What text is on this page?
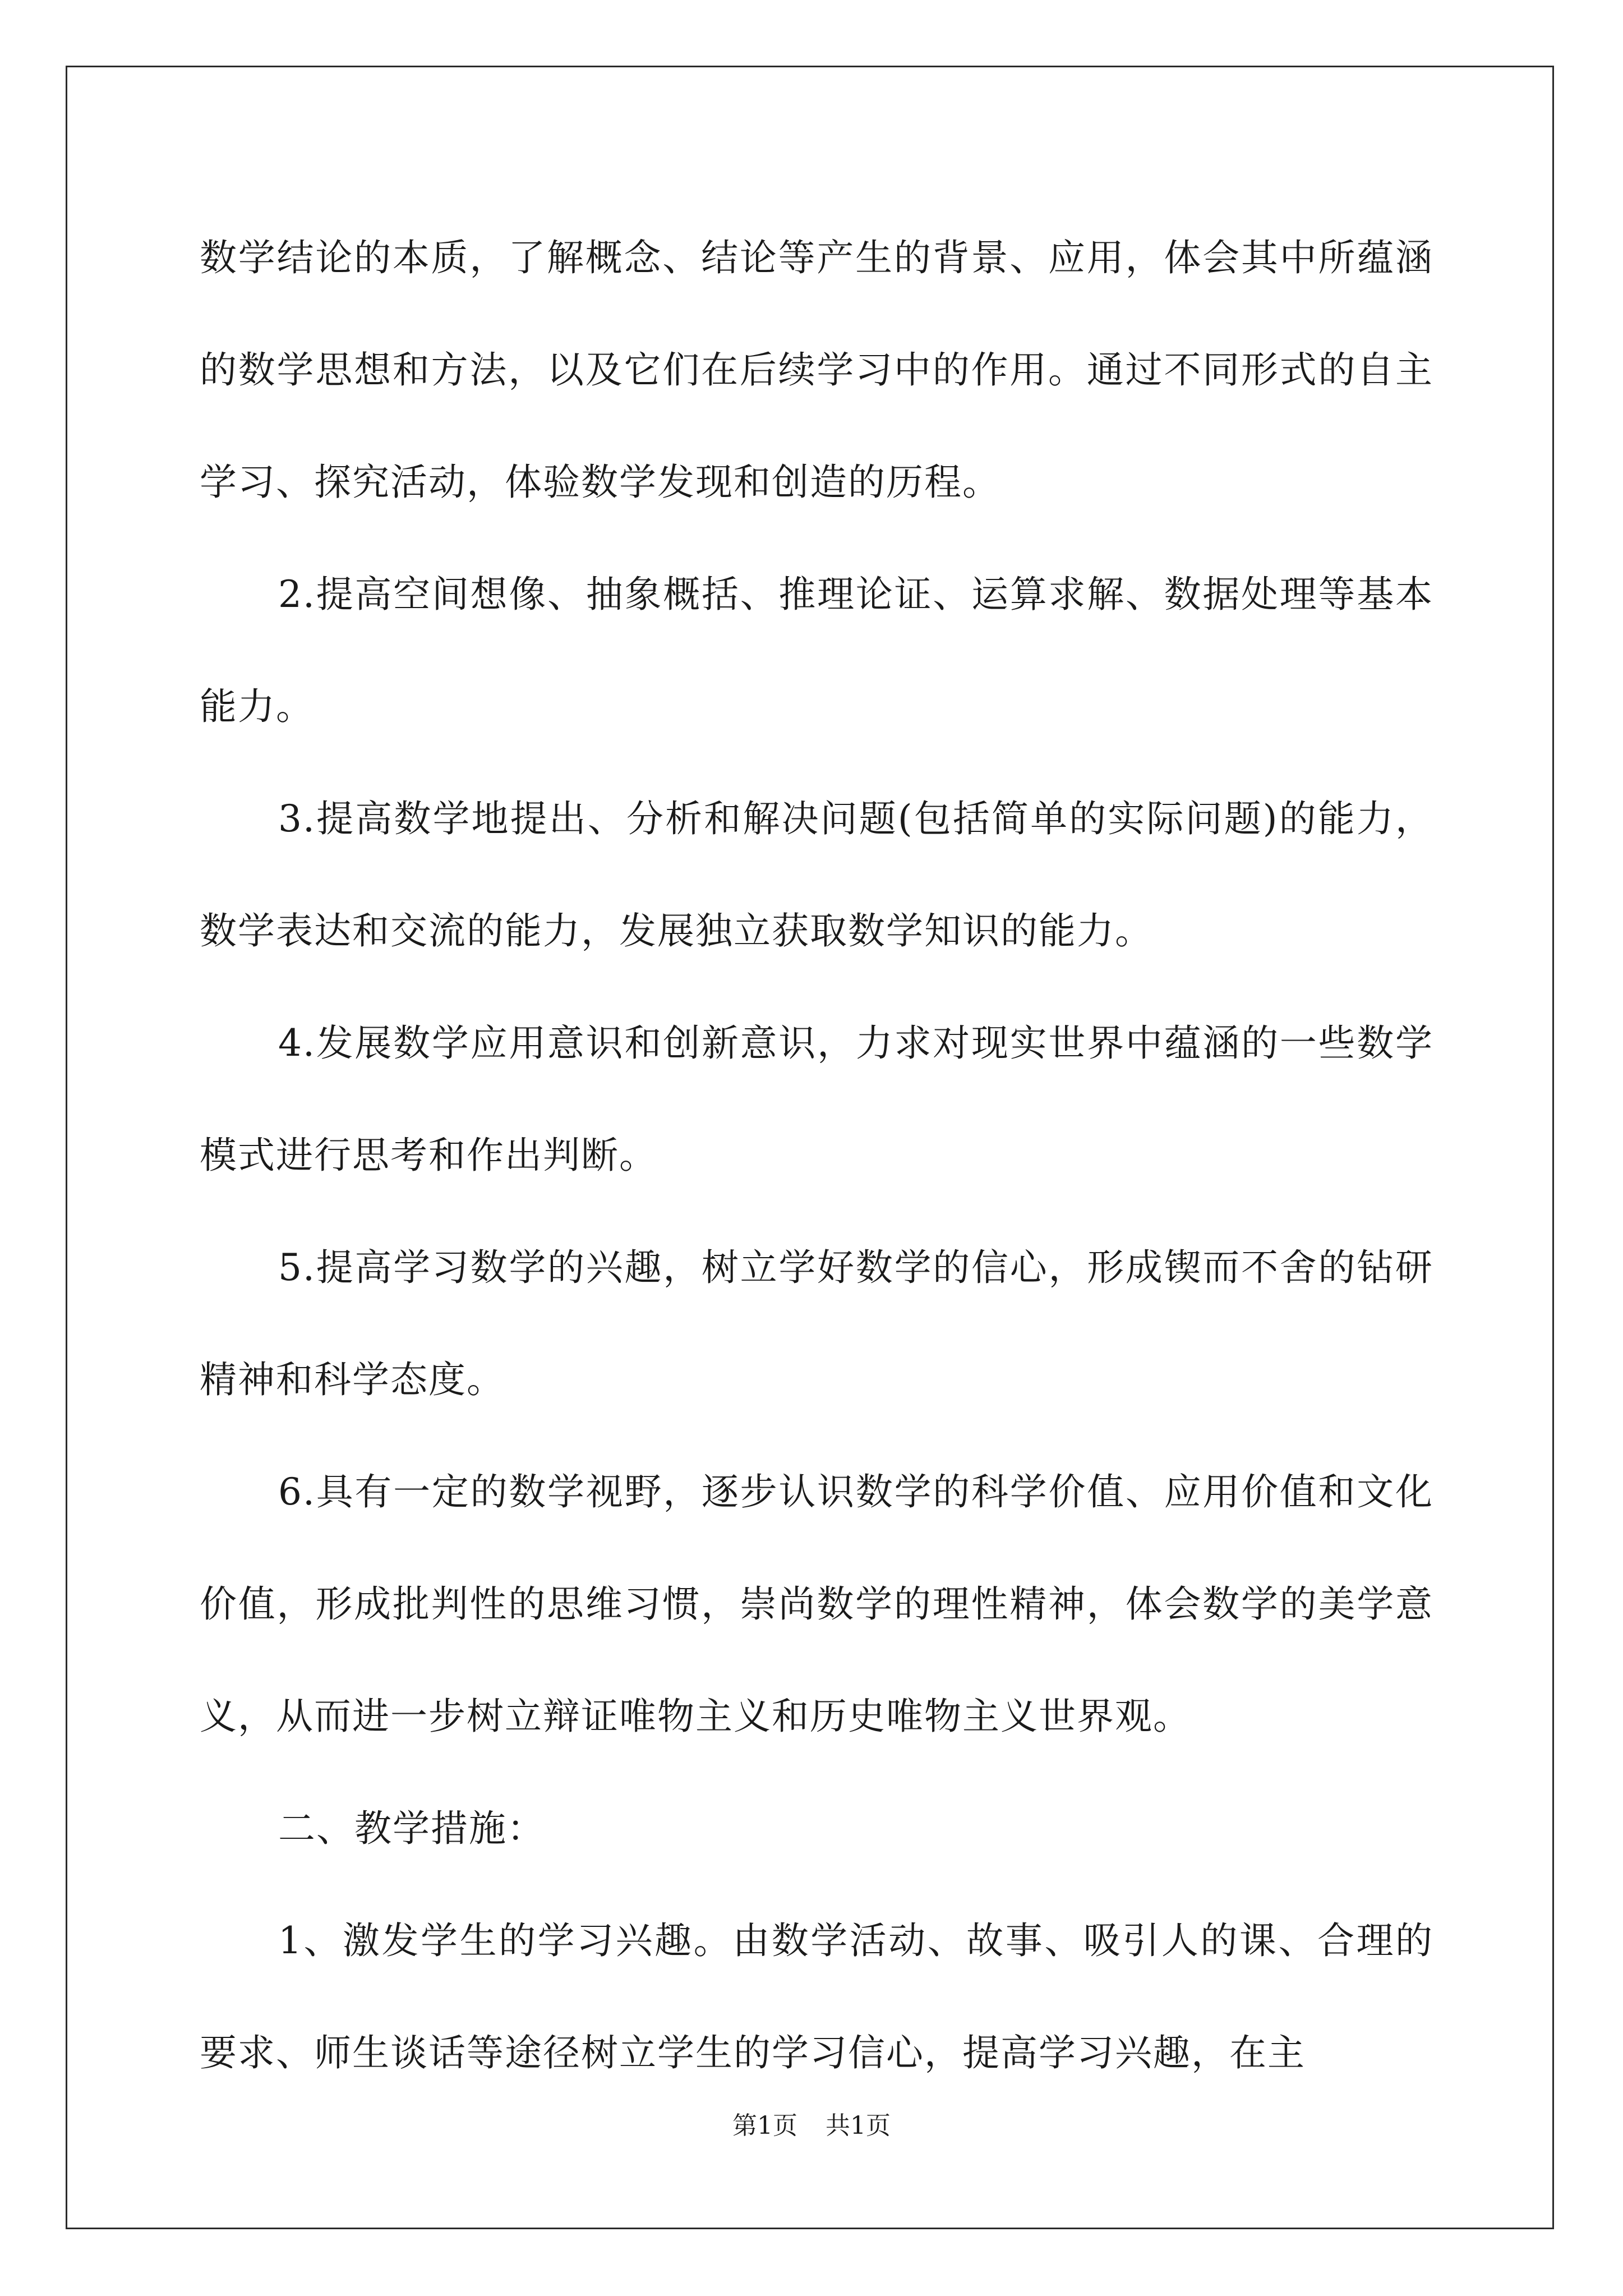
数学结论的本质，了解概念、结论等产生的背景、应用，体会其中所蕴涵的数学思想和方法，以及它们在后续学习中的作用。通过不同形式的自主学习、探究活动，体验数学发现和创造的历程。

2.提高空间想像、抽象概括、推理论证、运算求解、数据处理等基本能力。

3.提高数学地提出、分析和解决问题(包括简单的实际问题)的能力，数学表达和交流的能力，发展独立获取数学知识的能力。

4.发展数学应用意识和创新意识，力求对现实世界中蕴涵的一些数学模式进行思考和作出判断。

5.提高学习数学的兴趣，树立学好数学的信心，形成锲而不舍的钻研精神和科学态度。

6.具有一定的数学视野，逐步认识数学的科学价值、应用价值和文化价值，形成批判性的思维习惯，崇尚数学的理性精神，体会数学的美学意义，从而进一步树立辩证唯物主义和历史唯物主义世界观。

二、教学措施：

1、激发学生的学习兴趣。由数学活动、故事、吸引人的课、合理的要求、师生谈话等途径树立学生的学习信心，提高学习兴趣，在主

第1页 共1页
